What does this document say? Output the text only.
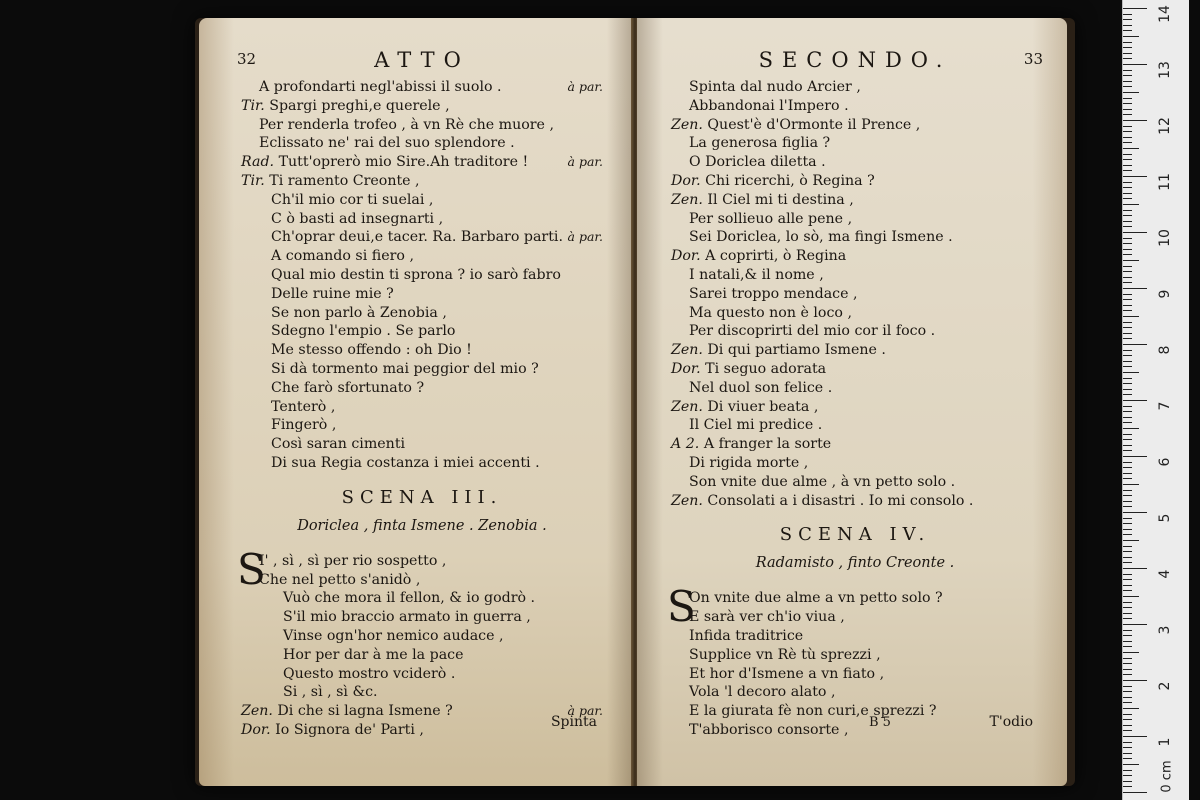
32	ATTO
A profondarti negl'abissi il suolo .	à par.
Tir. Spargi preghi,e querele ,
Per renderla trofeo , à vn Rè che muore ,
Eclissato ne' rai del suo splendore .
Rad. Tutt'oprerò mio Sire.Ah traditore !	à par.
Tir. Ti ramento Creonte ,
Ch'il mio cor ti suelai ,
C ò basti ad insegnarti ,
Ch'oprar deui,e tacer. Ra. Barbaro parti. à par.
A comando si fiero ,
Qual mio destin ti sprona ? io sarò fabro
Delle ruine mie ?
Se non parlo à Zenobia ,
Sdegno l'empio . Se parlo
Me stesso offendo : oh Dio !
Si dà tormento mai peggior del mio ?
Che farò sfortunato ?
Tenterò ,
Fingerò ,
Così saran cimenti
Di sua Regia costanza i miei accenti .
SCENA III.
Doriclea , finta Ismene . Zenobia .
S
I' , sì , sì per rio sospetto ,
Che nel petto s'anidò ,
Vuò che mora il fellon, & io godrò .
S'il mio braccio armato in guerra ,
Vinse ogn'hor nemico audace ,
Hor per dar à me la pace
Questo mostro vciderò .
Si , sì , sì &c.
Zen. Di che si lagna Ismene ?	à par.
Dor. Io Signora de' Parti ,	Spinta
SECONDO.	33
Spinta dal nudo Arcier ,
Abbandonai l'Impero .
Zen. Quest'è d'Ormonte il Prence ,
La generosa figlia ?
O Doriclea diletta .
Dor. Chi ricerchi, ò Regina ?
Zen. Il Ciel mi ti destina ,
Per sollieuo alle pene ,
Sei Doriclea, lo sò, ma fingi Ismene .
Dor. A coprirti, ò Regina
I natali,& il nome ,
Sarei troppo mendace ,
Ma questo non è loco ,
Per discoprirti del mio cor il foco .
Zen. Di qui partiamo Ismene .
Dor. Ti seguo adorata
Nel duol son felice .
Zen. Di viuer beata ,
Il Ciel mi predice .
A 2. A franger la sorte
Di rigida morte ,
Son vnite due alme , à vn petto solo .
Zen. Consolati a i disastri . Io mi consolo .
SCENA IV.
Radamisto , finto Creonte .
S
On vnite due alme a vn petto solo ?
E sarà ver ch'io viua ,
Infida traditrice
Supplice vn Rè tù sprezzi ,
Et hor d'Ismene a vn fiato ,
Vola 'l decoro alato ,
E la giurata fè non curi,e sprezzi ?
T'abborisco consorte ,	B 5	T'odio
0 cm
14
13
12
11
10
9
8
7
6
5
4
3
2
1
